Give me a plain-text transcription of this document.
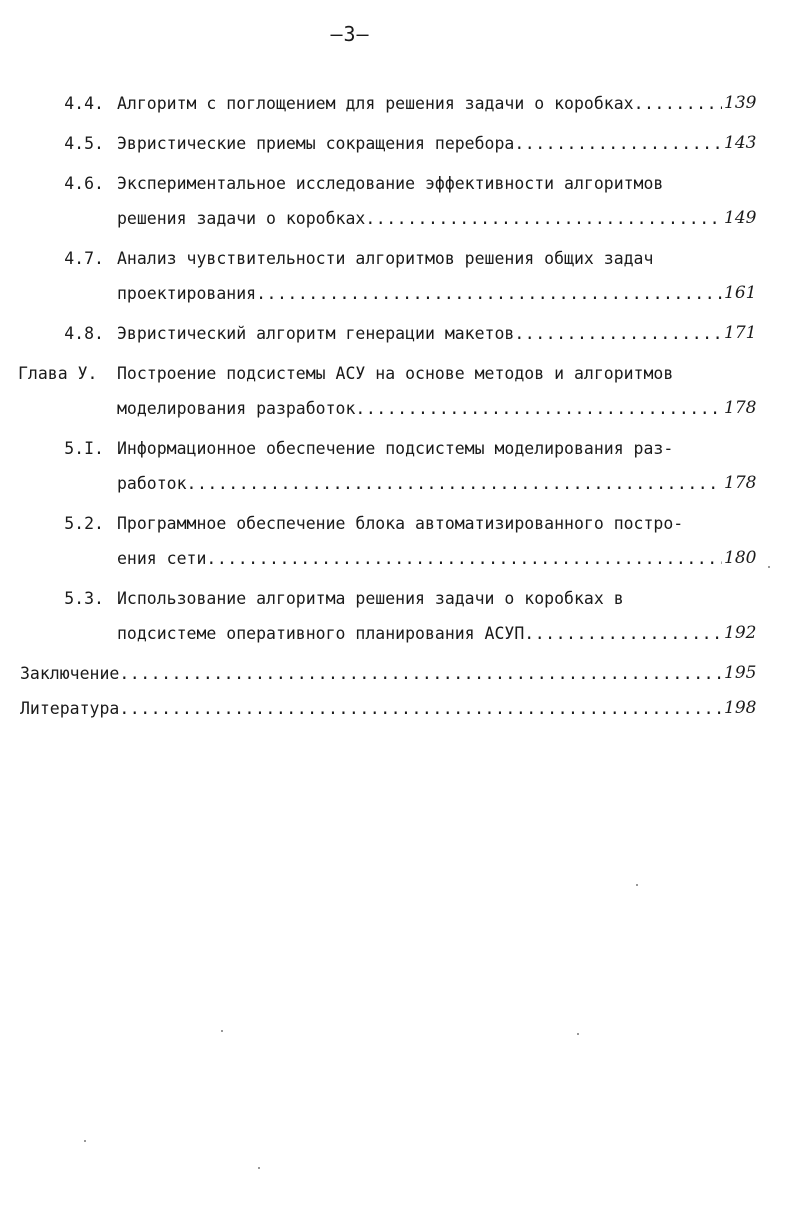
–3–
4.4. Алгоритм с поглощением для решения задачи о коробках .....	139
4.5. Эвристические приемы сокращения перебора .....	143
4.6. Экспериментальное исследование эффективности алгоритмов
решения задачи о коробках .....	149
4.7. Анализ чувствительности алгоритмов решения общих задач
проектирования .....	161
4.8. Эвристический алгоритм генерации макетов .....	171
Глава У. Построение подсистемы АСУ на основе методов и алгоритмов
моделирования разработок .....	178
5.I. Информационное обеспечение подсистемы моделирования раз-
работок .....	178
5.2. Программное обеспечение блока автоматизированного постро-
ения сети .....	180
5.3. Использование алгоритма решения задачи о коробках в
подсистеме оперативного планирования АСУП .....	192
Заключение .....	195
Литература .....	198
